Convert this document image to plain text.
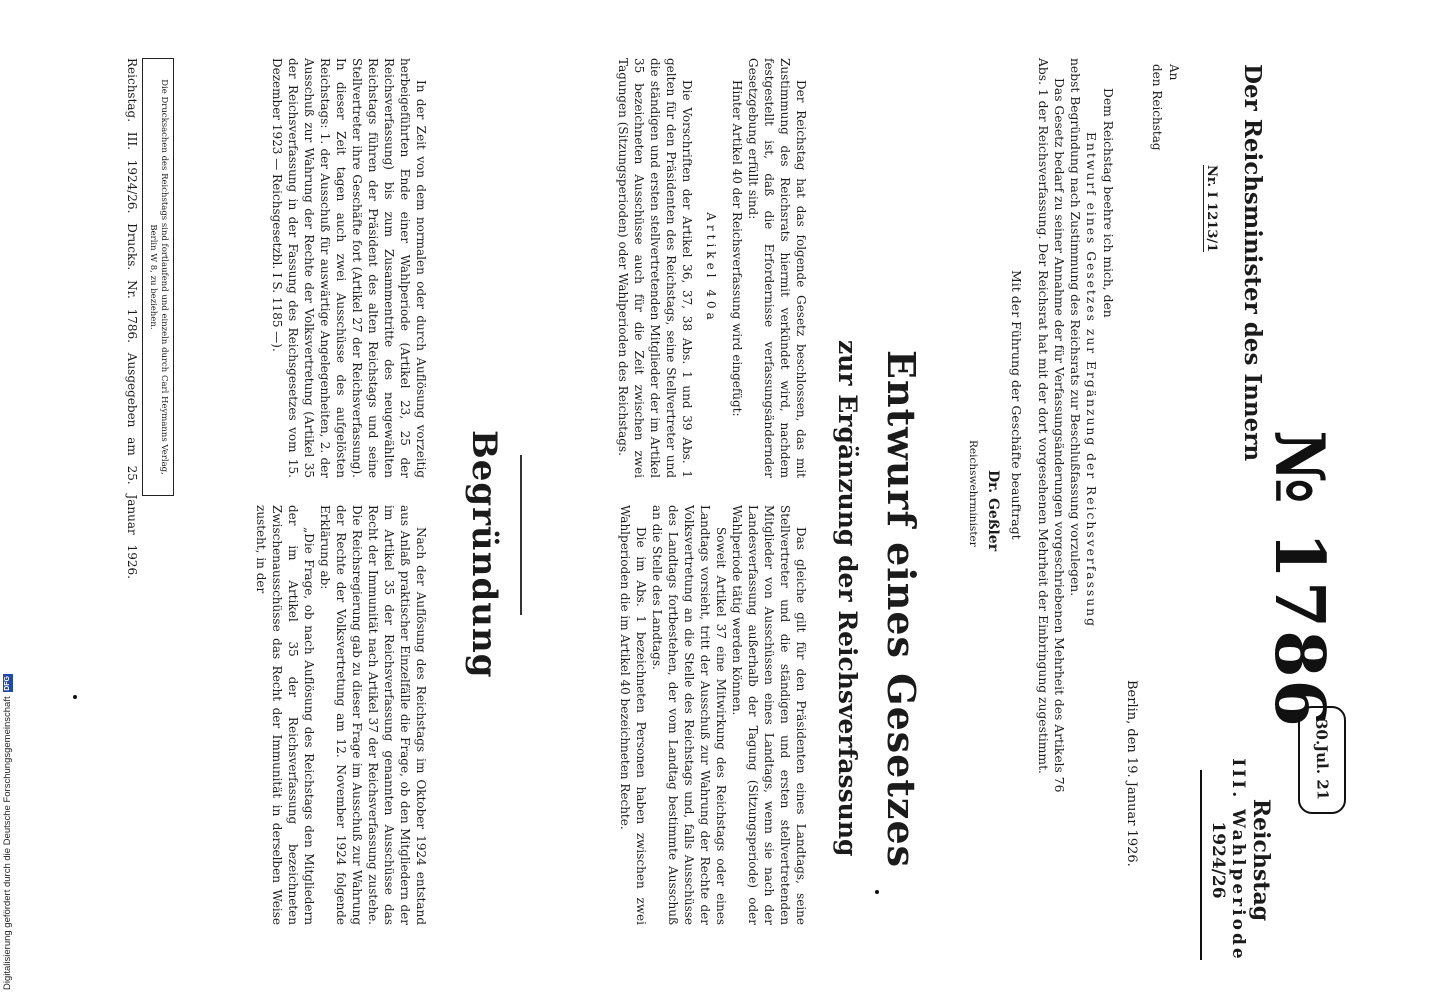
№ 1786
30.Jul. 21
Reichstag
III. Wahlperiode
1924/26
Der Reichsminister des Innern
Nr. I 1213/1
An
den Reichstag
Berlin, den 19. Januar 1926.
Dem Reichstag beehre ich mich, den
Entwurf eines Gesetzes zur Ergänzung der Reichsverfassung
nebst Begründung nach Zustimmung des Reichsrats zur Beschlußfassung vorzulegen.
Das Gesetz bedarf zu seiner Annahme der für Verfassungsänderungen vorgeschriebenen Mehrheit des Artikels 76
Abs. 1 der Reichsverfassung. Der Reichsrat hat mit der dort vorgesehenen Mehrheit der Einbringung zugestimmt.
Mit der Führung der Geschäfte beauftragt
Dr. Geßler
Reichswehrminister
Entwurf eines Gesetzes
zur Ergänzung der Reichsverfassung

Der Reichstag hat das folgende Gesetz beschlossen, das mit Zustimmung des Reichsrats hiermit verkündet wird, nachdem festgestellt ist, daß die Erfordernisse verfassungsändernder Gesetzgebung erfüllt sind:

Hinter Artikel 40 der Reichsverfassung wird eingefügt:

Artikel 40a

Die Vorschriften der Artikel 36, 37, 38 Abs. 1 und 39 Abs. 1 gelten für den Präsidenten des Reichstags, seine Stellvertreter und die ständigen und ersten stellvertretenden Mitglieder der im Artikel 35 bezeichneten Ausschüsse auch für die Zeit zwischen zwei Tagungen (Sitzungsperioden) oder Wahlperioden des Reichstags.

Das gleiche gilt für den Präsidenten eines Landtags, seine Stellvertreter und die ständigen und ersten stellvertretenden Mitglieder von Ausschüssen eines Landtags, wenn sie nach der Landesverfassung außerhalb der Tagung (Sitzungsperiode) oder Wahlperiode tätig werden können.

Soweit Artikel 37 eine Mitwirkung des Reichstags oder eines Landtags vorsieht, tritt der Ausschuß zur Wahrung der Rechte der Volksvertretung an die Stelle des Reichstags und, falls Ausschüsse des Landtags fortbestehen, der vom Landtag bestimmte Ausschuß an die Stelle des Landtags.

Die im Abs. 1 bezeichneten Personen haben zwischen zwei Wahlperioden die im Artikel 40 bezeichneten Rechte.

Begründung

In der Zeit von dem normalen oder durch Auflösung vorzeitig herbeigeführten Ende einer Wahlperiode (Artikel 23, 25 der Reichsverfassung) bis zum Zusammentritte des neugewählten Reichstags führen der Präsident des alten Reichstags und seine Stellvertreter ihre Geschäfte fort (Artikel 27 der Reichsverfassung). In dieser Zeit tagen auch zwei Ausschüsse des aufgelösten Reichstags: 1. der Ausschuß für auswärtige Angelegenheiten, 2. der Ausschuß zur Wahrung der Rechte der Volksvertretung (Artikel 35 der Reichsverfassung in der Fassung des Reichsgesetzes vom 15. Dezember 1923 — Reichsgesetzbl. I S. 1185 —).

Nach der Auflösung des Reichstags im Oktober 1924 entstand aus Anlaß praktischer Einzelfälle die Frage, ob den Mitgliedern der im Artikel 35 der Reichsverfassung genannten Ausschüsse das Recht der Immunität nach Artikel 37 der Reichsverfassung zustehe. Die Reichsregierung gab zu dieser Frage im Ausschuß zur Wahrung der Rechte der Volksvertretung am 12. November 1924 folgende Erklärung ab:

„Die Frage, ob nach Auflösung des Reichstags den Mitgliedern der im Artikel 35 der Reichsverfassung bezeichneten Zwischenausschüsse das Recht der Immunität in derselben Weise zusteht, in der

Die Drucksachen des Reichstags sind fortlaufend und einzeln durch Carl Heymanns Verlag, Berlin W 8, zu beziehen.
Reichstag. III. 1924/26. Drucks. Nr. 1786. Ausgegeben am 25. Januar 1926.
Digitalisierung gefördert durch die Deutsche Forschungsgemeinschaft
DFG
